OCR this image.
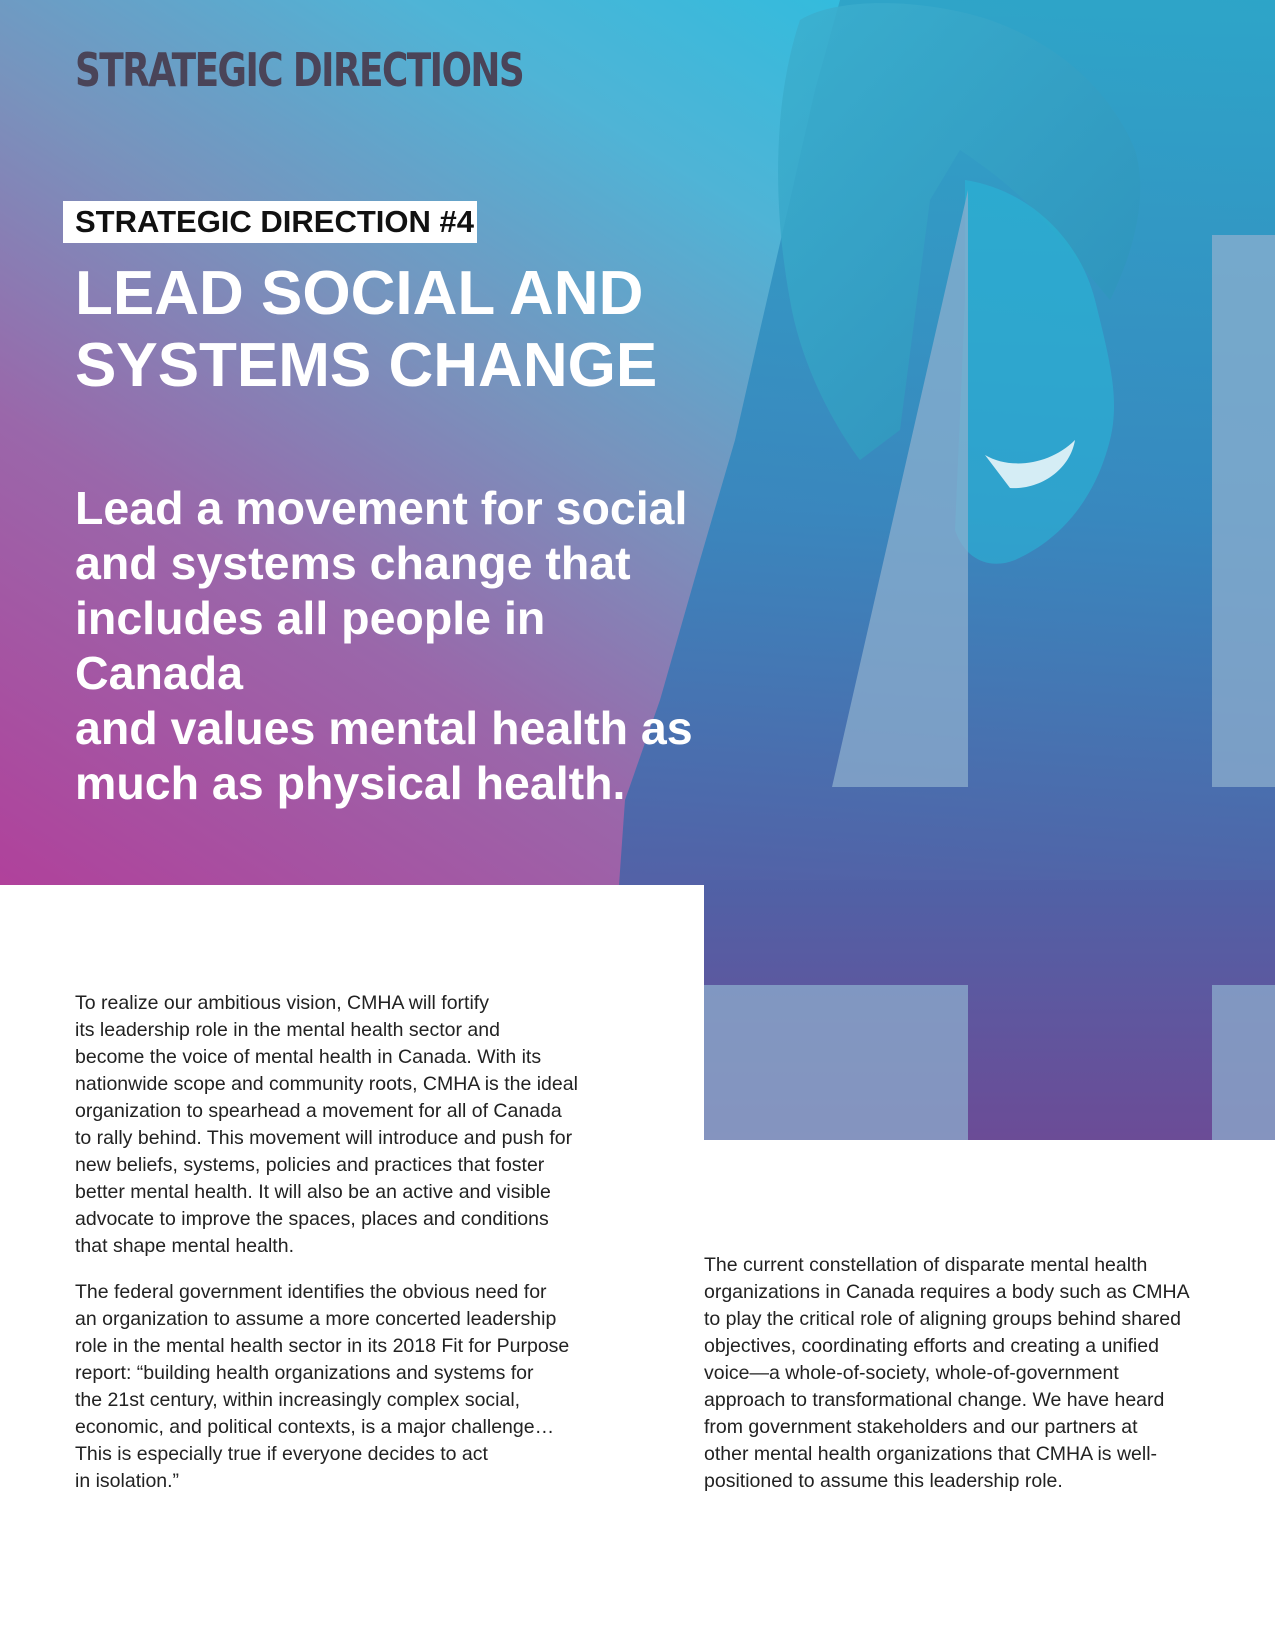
STRATEGIC DIRECTIONS
STRATEGIC DIRECTION #4
LEAD SOCIAL AND
SYSTEMS CHANGE

Lead a movement for social
and systems change that
includes all people in Canada
and values mental health as
much as physical health.

To realize our ambitious vision, CMHA will fortify
its leadership role in the mental health sector and
become the voice of mental health in Canada. With its
nationwide scope and community roots, CMHA is the ideal
organization to spearhead a movement for all of Canada
to rally behind. This movement will introduce and push for
new beliefs, systems, policies and practices that foster
better mental health. It will also be an active and visible
advocate to improve the spaces, places and conditions
that shape mental health.

The federal government identifies the obvious need for
an organization to assume a more concerted leadership
role in the mental health sector in its 2018 Fit for Purpose
report: “building health organizations and systems for
the 21st century, within increasingly complex social,
economic, and political contexts, is a major challenge…
This is especially true if everyone decides to act
in isolation.”

The current constellation of disparate mental health
organizations in Canada requires a body such as CMHA
to play the critical role of aligning groups behind shared
objectives, coordinating efforts and creating a unified
voice—a whole-of-society, whole-of-government
approach to transformational change. We have heard
from government stakeholders and our partners at
other mental health organizations that CMHA is well-
positioned to assume this leadership role.
